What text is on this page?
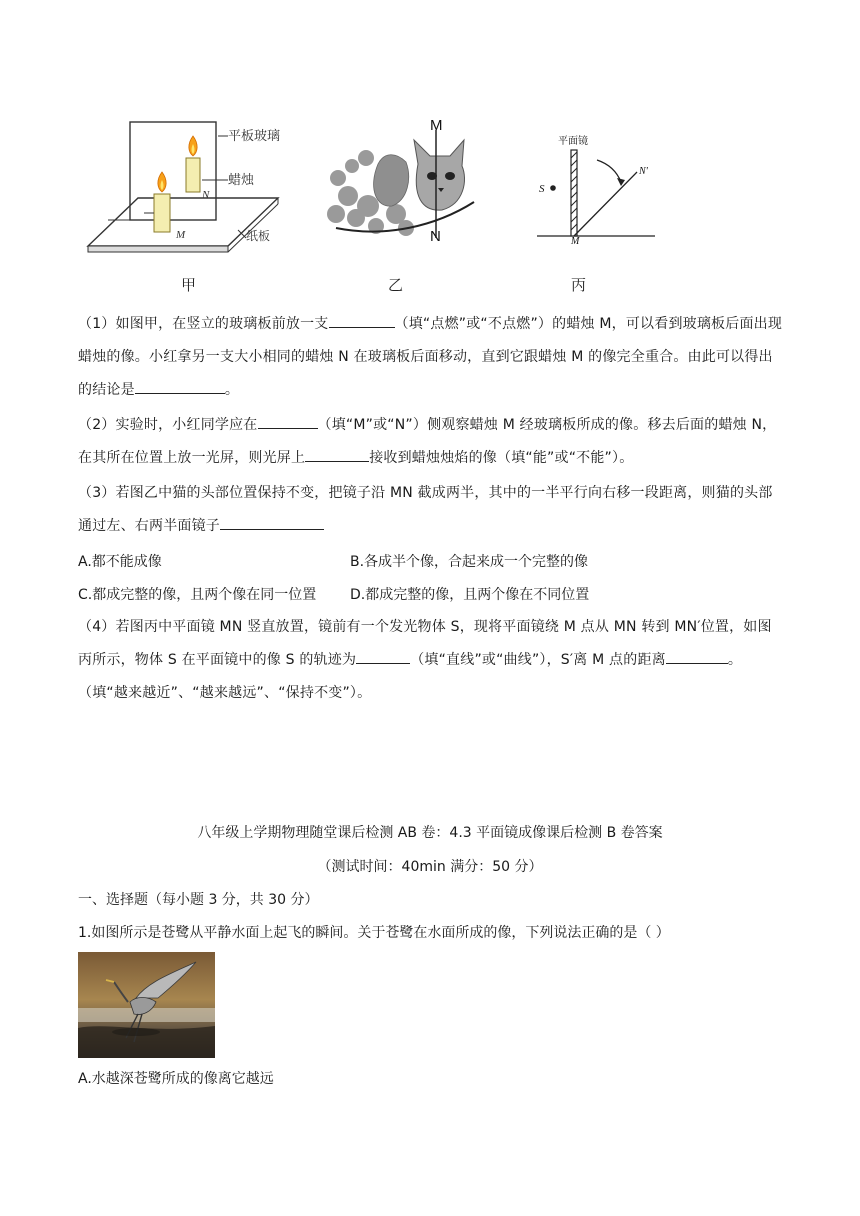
平板玻璃
蜡烛
纸板
M
N
甲
M
N
乙
平面镜
S
M
N'
丙
（1）如图甲，在竖立的玻璃板前放一支	（填“点燃”或“不点燃”）的蜡烛 M，可以看到玻璃板后面出现蜡烛的像。小红拿另一支大小相同的蜡烛 N 在玻璃板后面移动，直到它跟蜡烛 M 的像完全重合。由此可以得出的结论是	。
（2）实验时，小红同学应在	（填“M”或“N”）侧观察蜡烛 M 经玻璃板所成的像。移去后面的蜡烛 N，在其所在位置上放一光屏，则光屏上	接收到蜡烛烛焰的像（填“能”或“不能”）。
（3）若图乙中猫的头部位置保持不变，把镜子沿 MN 截成两半，其中的一半平行向右移一段距离，则猫的头部通过左、右两半面镜子
A.都不能成像	B.各成半个像，合起来成一个完整的像
C.都成完整的像，且两个像在同一位置 D.都成完整的像，且两个像在不同位置
（4）若图丙中平面镜 MN 竖直放置，镜前有一个发光物体 S，现将平面镜绕 M 点从 MN 转到 MN′位置，如图丙所示，物体 S 在平面镜中的像 S 的轨迹为	（填“直线”或“曲线”），S′离 M 点的距离	。（填“越来越近”、“越来越远”、“保持不变”）。
八年级上学期物理随堂课后检测 AB 卷：4.3 平面镜成像课后检测 B 卷答案
（测试时间：40min 满分：50 分）
一、选择题（每小题 3 分，共 30 分）
1.如图所示是苍鹭从平静水面上起飞的瞬间。关于苍鹭在水面所成的像，下列说法正确的是（ ）
A.水越深苍鹭所成的像离它越远
